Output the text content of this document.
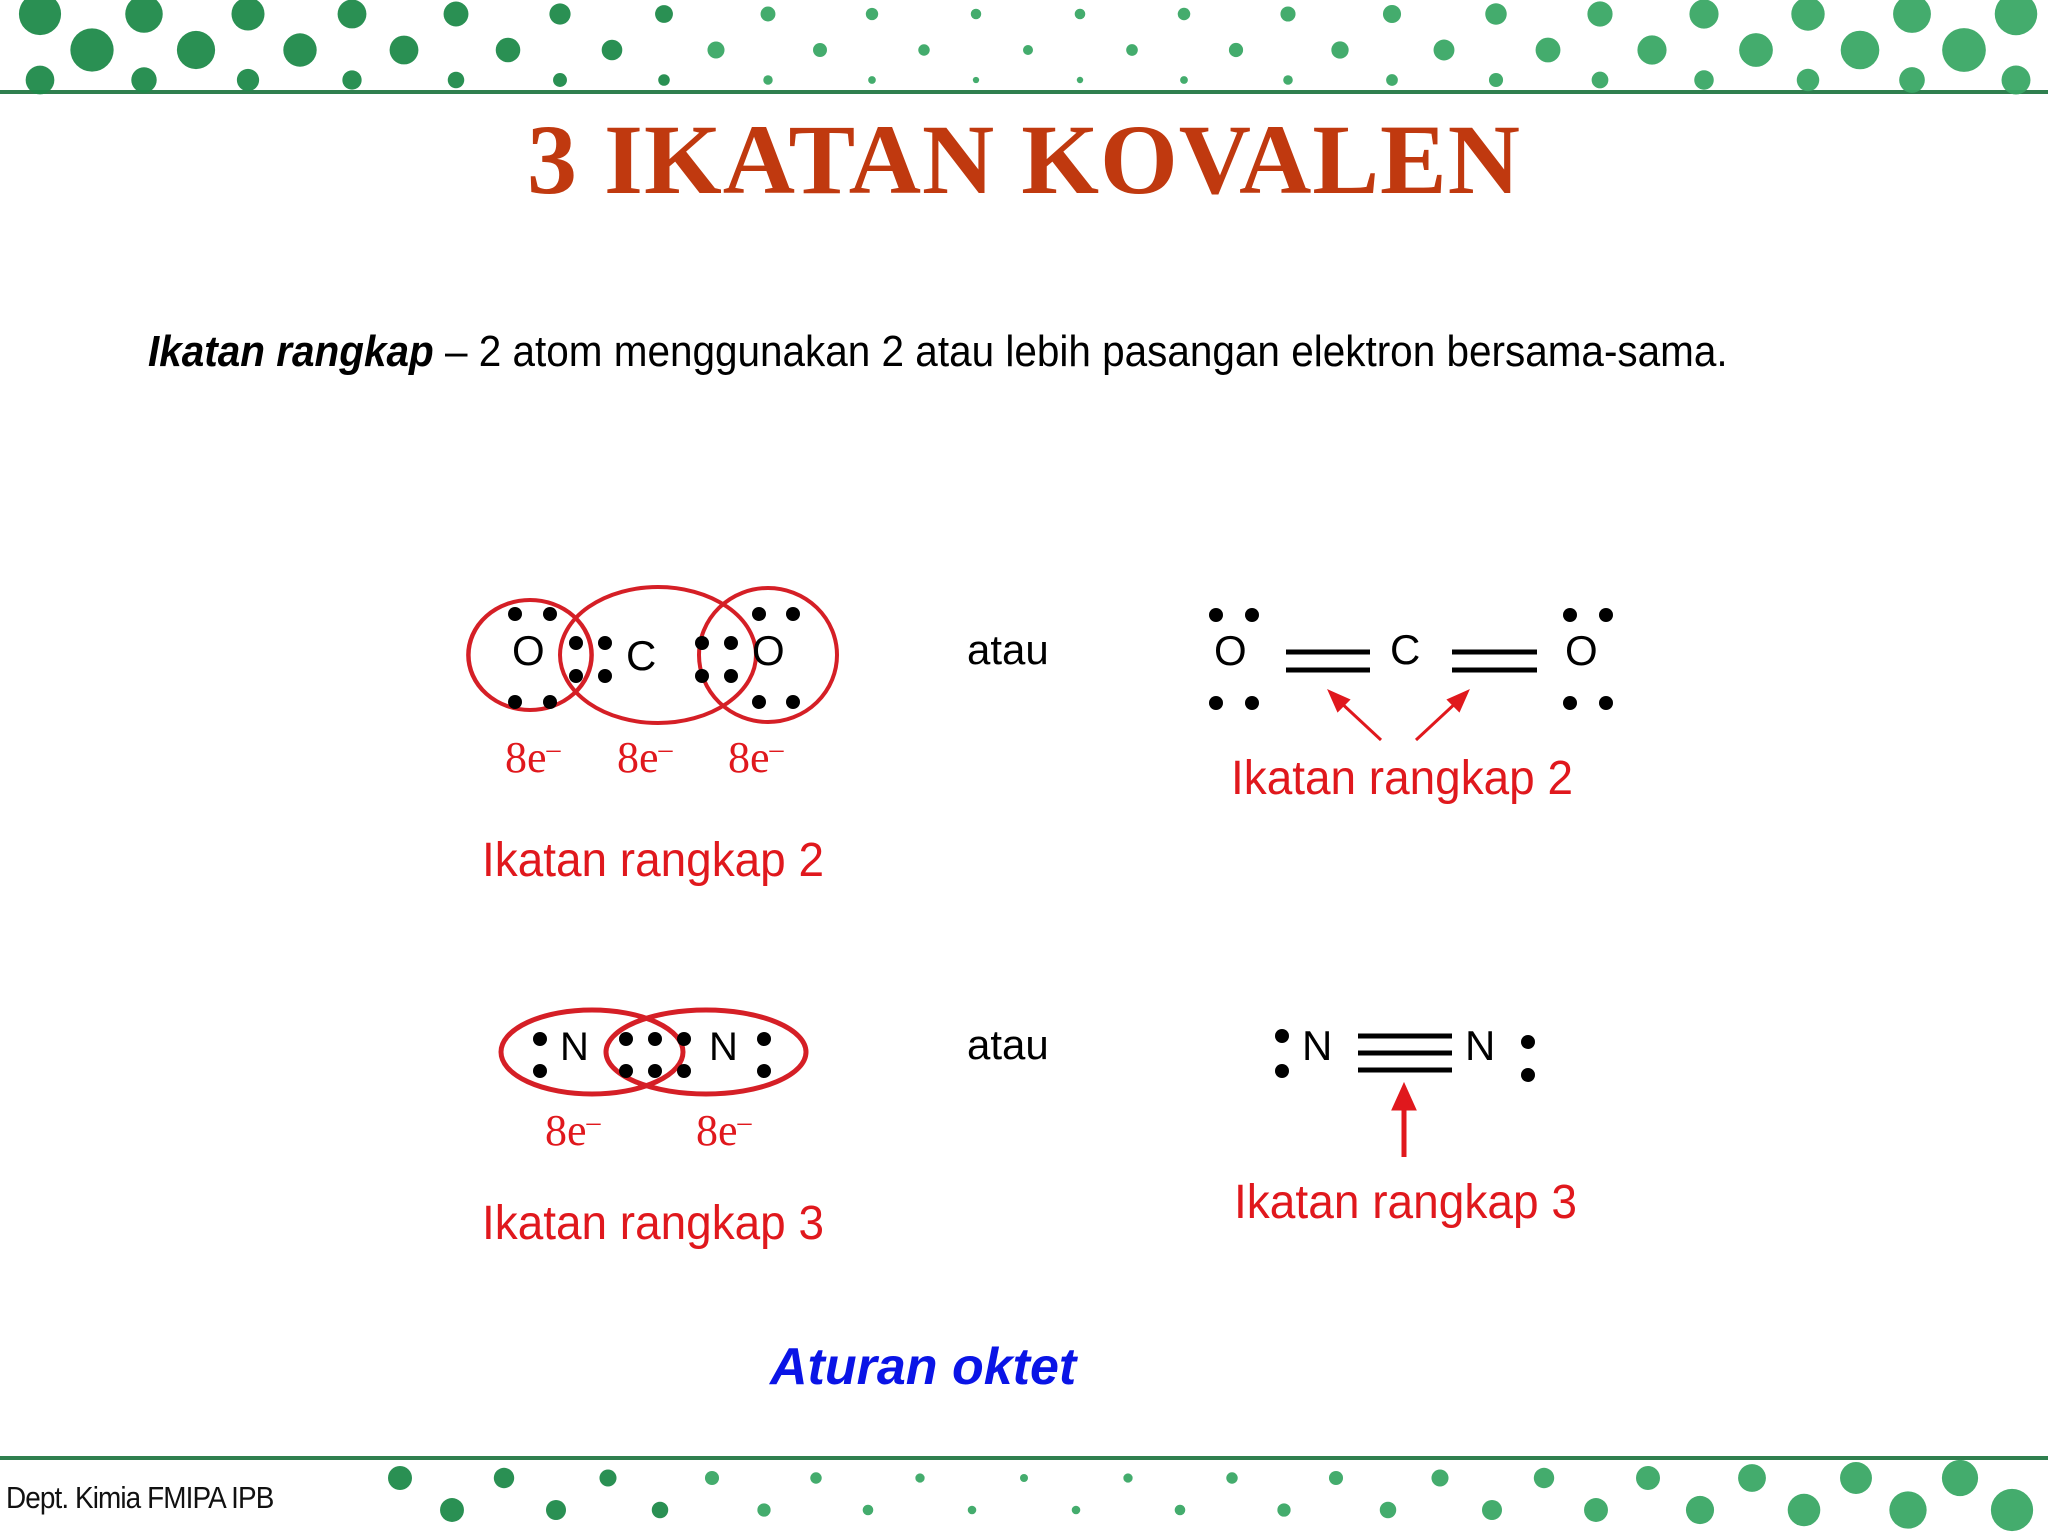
3 IKATAN KOVALEN
Ikatan rangkap – 2 atom menggunakan 2 atau lebih pasangan elektron bersama-sama.
O C O
8e– 8e– 8e–
Ikatan rangkap 2
atau	O	C	O
Ikatan rangkap 2
N	N
8e– 8e–
Ikatan rangkap 3
atau	N	N
Ikatan rangkap 3
Aturan oktet
Dept. Kimia FMIPA IPB
